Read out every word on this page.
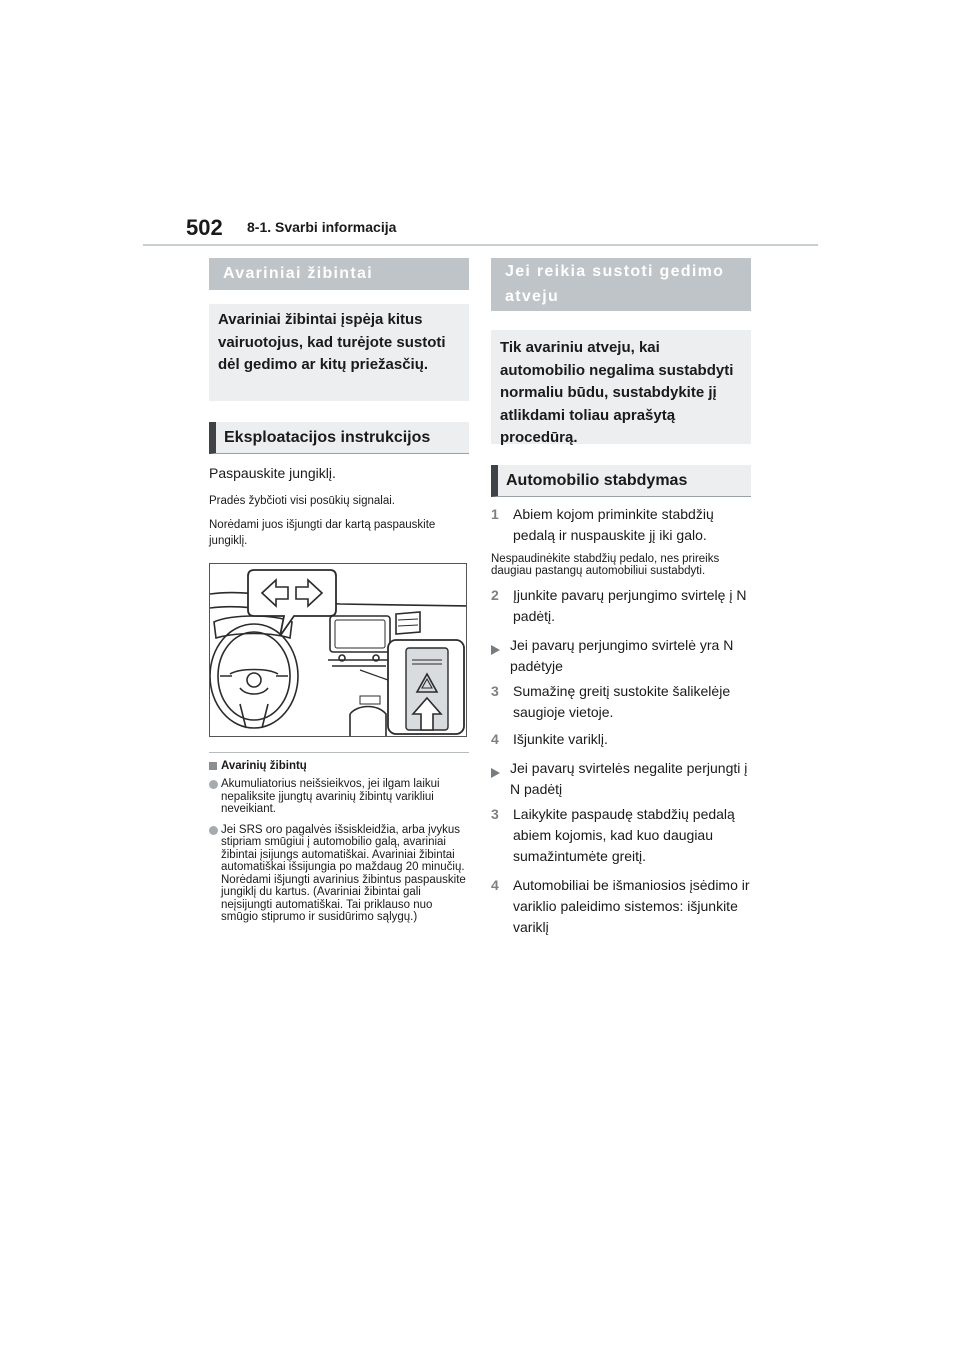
502 8-1. Svarbi informacija
Avariniai žibintai
Avariniai žibintai įspėja kitus vairuotojus, kad turėjote sustoti dėl gedimo ar kitų priežasčių.
Eksploatacijos instrukcijos

Paspauskite jungiklį.

Pradės žybčioti visi posūkių signalai.

Norėdami juos išjungti dar kartą paspauskite jungiklį.

Avarinių žibintų
Akumuliatorius neišsieikvos, jei ilgam laikui nepaliksite įjungtų avarinių žibintų varikliui neveikiant.
Jei SRS oro pagalvės išsiskleidžia, arba įvykus stipriam smūgiui į automobilio galą, avariniai žibintai įsijungs automatiškai. Avariniai žibintai automatiškai išsijungia po maždaug 20 minučių. Norėdami išjungti avarinius žibintus paspauskite jungiklį du kartus. (Avariniai žibintai gali neįsijungti automatiškai. Tai priklauso nuo smūgio stiprumo ir susidūrimo sąlygų.)
Jei reikia sustoti gedimo atveju
Tik avariniu atveju, kai automobilio negalima sustabdyti normaliu būdu, sustabdykite jį atlikdami toliau aprašytą procedūrą.
Automobilio stabdymas
1	Abiem kojom priminkite stabdžių pedalą ir nuspauskite jį iki galo.
Nespaudinėkite stabdžių pedalo, nes prireiks daugiau pastangų automobiliui sustabdyti.
2	Įjunkite pavarų perjungimo svirtelę į N padėtį.
Jei pavarų perjungimo svirtelė yra N padėtyje
3	Sumažinę greitį sustokite šalikelėje saugioje vietoje.
4	Išjunkite variklį.
Jei pavarų svirtelės negalite perjungti į N padėtį
3	Laikykite paspaudę stabdžių pedalą abiem kojomis, kad kuo daugiau sumažintumėte greitį.
4	Automobiliai be išmaniosios įsėdimo ir variklio paleidimo sistemos: išjunkite variklį
